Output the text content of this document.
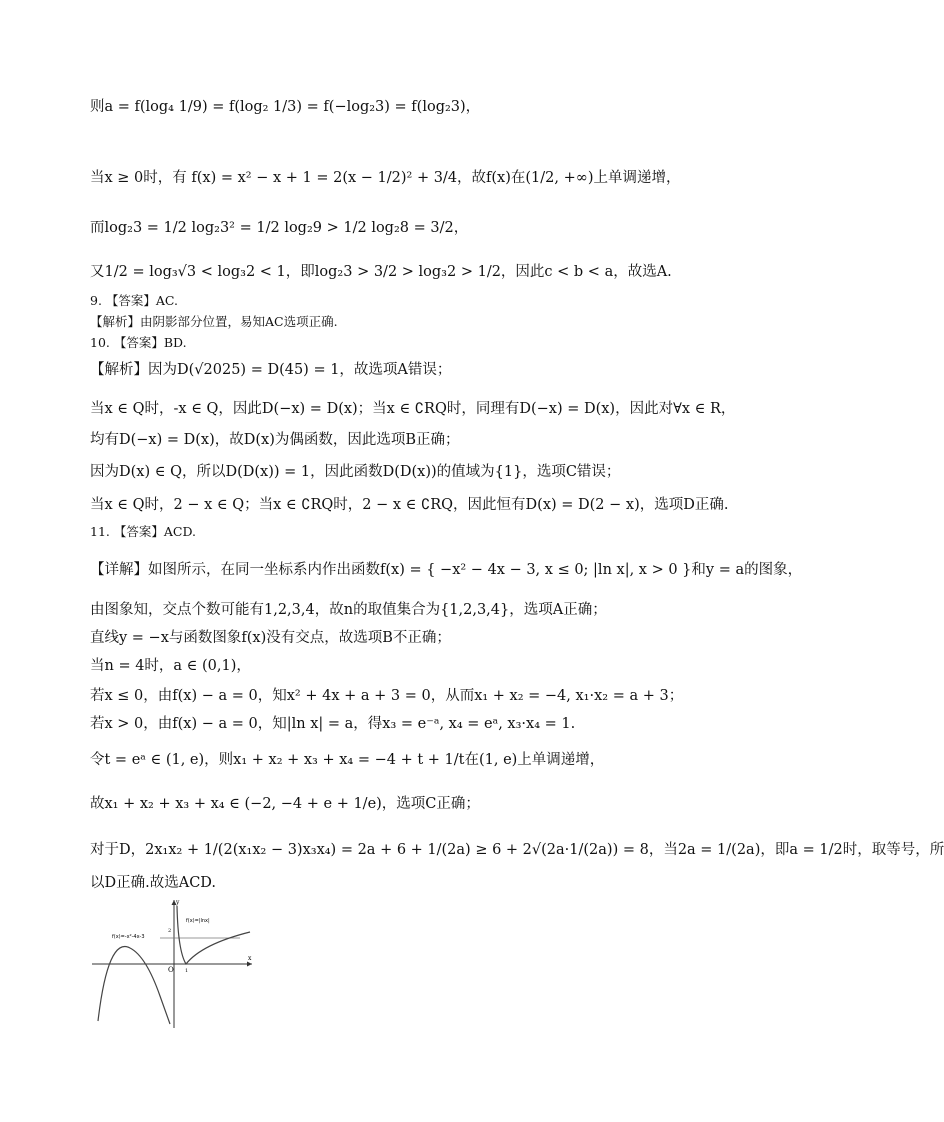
则a = f(log₄ 1/9) = f(log₂ 1/3) = f(−log₂3) = f(log₂3)，
当x ≥ 0时，有 f(x) = x² − x + 1 = 2(x − 1/2)² + 3/4，故f(x)在(1/2, +∞)上单调递增，
而log₂3 = 1/2 log₂3² = 1/2 log₂9 > 1/2 log₂8 = 3/2，
又1/2 = log₃√3 < log₃2 < 1，即log₂3 > 3/2 > log₃2 > 1/2，因此c < b < a，故选A.
9. 【答案】AC.
【解析】由阴影部分位置，易知AC选项正确.
10. 【答案】BD.
【解析】因为D(√2025) = D(45) = 1，故选项A错误；
当x ∈ Q时，-x ∈ Q，因此D(−x) = D(x)；当x ∈ ∁RQ时，同理有D(−x) = D(x)，因此对∀x ∈ R，
均有D(−x) = D(x)，故D(x)为偶函数，因此选项B正确；
因为D(x) ∈ Q，所以D(D(x)) = 1，因此函数D(D(x))的值域为{1}，选项C错误；
当x ∈ Q时，2 − x ∈ Q；当x ∈ ∁RQ时，2 − x ∈ ∁RQ，因此恒有D(x) = D(2 − x)，选项D正确.
11. 【答案】ACD.
【详解】如图所示，在同一坐标系内作出函数f(x) = { −x² − 4x − 3, x ≤ 0; |ln x|, x > 0 }和y = a的图象，
由图象知，交点个数可能有1,2,3,4，故n的取值集合为{1,2,3,4}，选项A正确；
直线y = −x与函数图象f(x)没有交点，故选项B不正确；
当n = 4时，a ∈ (0,1)，
若x ≤ 0，由f(x) − a = 0，知x² + 4x + a + 3 = 0，从而x₁ + x₂ = −4, x₁·x₂ = a + 3；
若x > 0，由f(x) − a = 0，知|ln x| = a，得x₃ = e⁻ᵃ, x₄ = eᵃ, x₃·x₄ = 1.
令t = eᵃ ∈ (1, e)，则x₁ + x₂ + x₃ + x₄ = −4 + t + 1/t在(1, e)上单调递增，
故x₁ + x₂ + x₃ + x₄ ∈ (−2, −4 + e + 1/e)，选项C正确；
对于D，2x₁x₂ + 1/(2(x₁x₂ − 3)x₃x₄) = 2a + 6 + 1/(2a) ≥ 6 + 2√(2a·1/(2a)) = 8，当2a = 1/(2a)，即a = 1/2时，取等号，所
以D正确.故选ACD.
y
x
O 1
2
f(x)=-x²-4x-3
f(x)=|lnx|
